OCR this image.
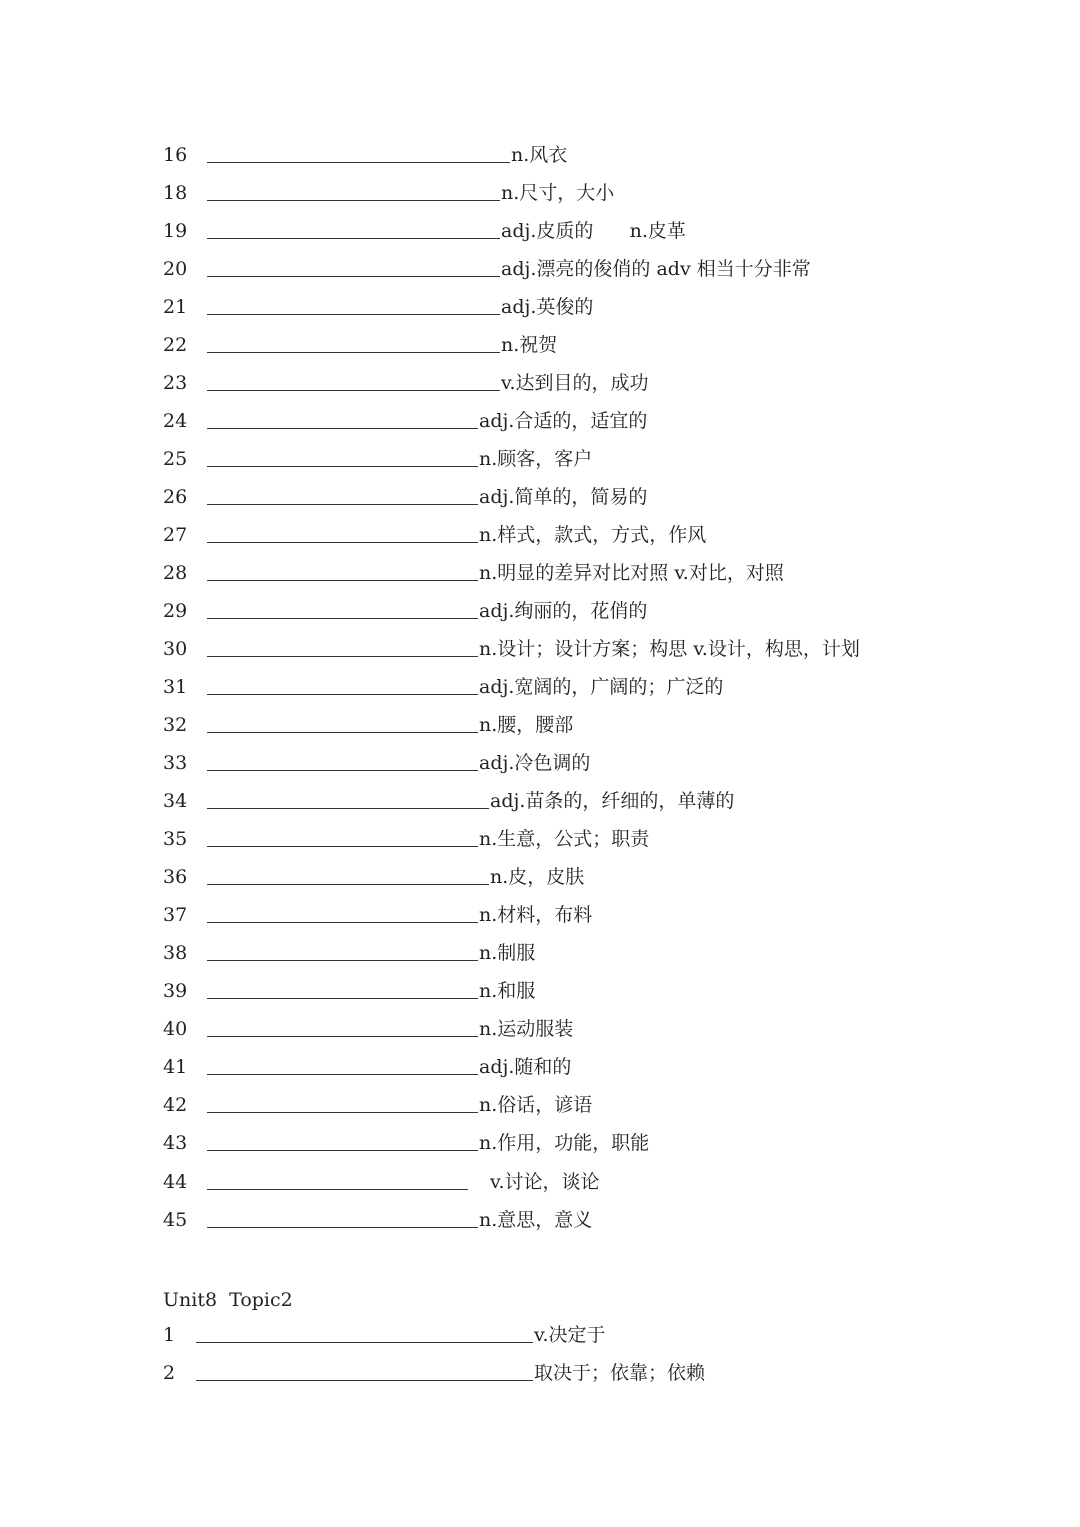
16	n.风衣
18	n.尺寸，大小
19	adj.皮质的      n.皮革
20	adj.漂亮的俊俏的 adv 相当十分非常
21	adj.英俊的
22	n.祝贺
23	v.达到目的，成功
24	adj.合适的，适宜的
25	n.顾客，客户
26	adj.简单的，简易的
27	n.样式，款式，方式，作风
28	n.明显的差异对比对照 v.对比，对照
29	adj.绚丽的，花俏的
30	n.设计；设计方案；构思 v.设计，构思，计划
31	adj.宽阔的，广阔的；广泛的
32	n.腰，腰部
33	adj.冷色调的
34	adj.苗条的，纤细的，单薄的
35	n.生意，公式；职责
36	n.皮，皮肤
37	n.材料，布料
38	n.制服
39	n.和服
40	n.运动服装
41	adj.随和的
42	n.俗话，谚语
43	n.作用，功能，职能
44	v.讨论，谈论
45	n.意思，意义
Unit8  Topic2
1	v.决定于
2	取决于；依靠；依赖
